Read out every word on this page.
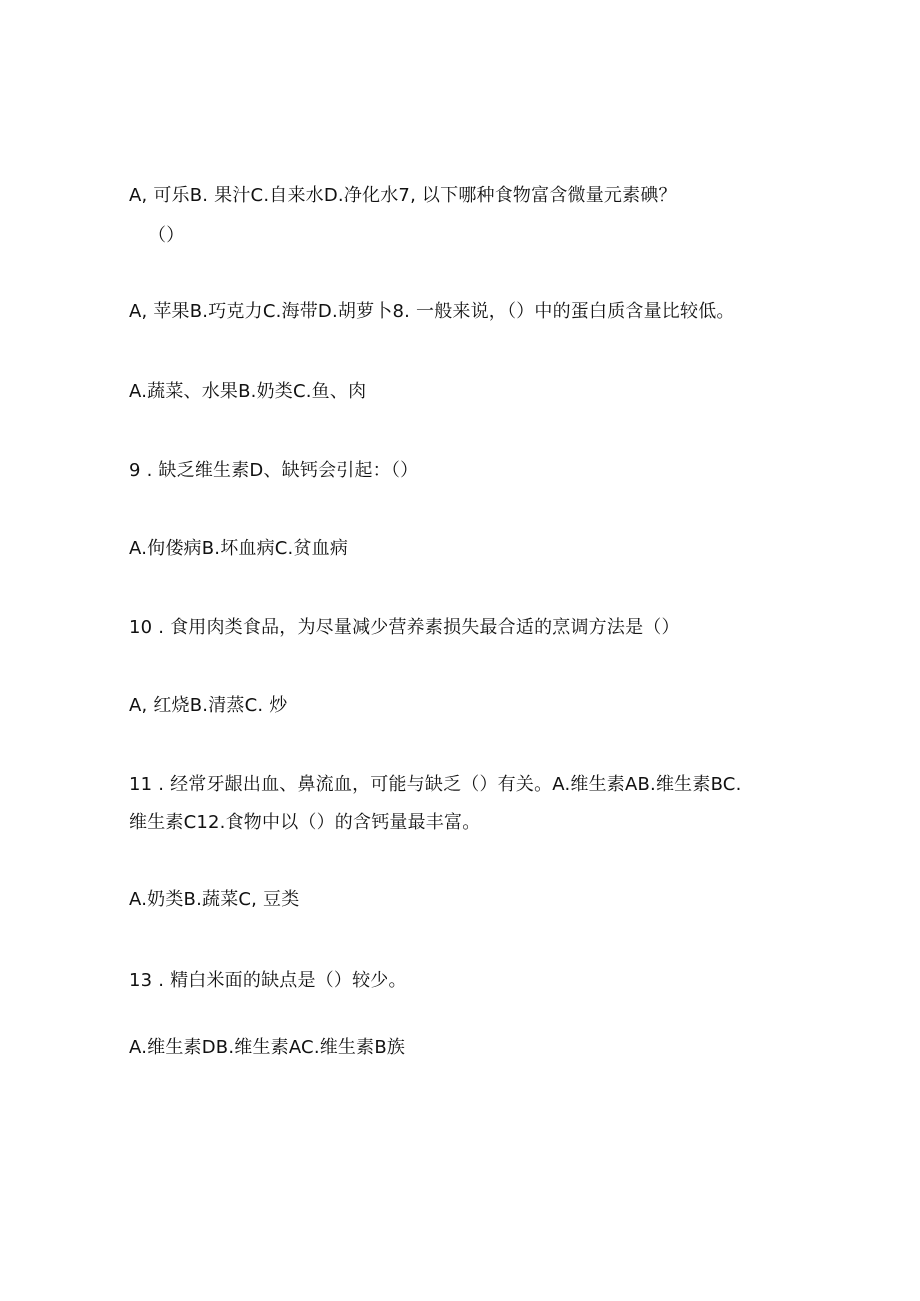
A, 可乐B. 果汁C.自来水D.净化水7, 以下哪种食物富含微量元素碘？
（）
A, 苹果B.巧克力C.海带D.胡萝卜8. 一般来说，（）中的蛋白质含量比较低。
A.蔬菜、水果B.奶类C.鱼、肉
9 . 缺乏维生素D、缺钙会引起：（）
A.佝偻病B.坏血病C.贫血病
10 . 食用肉类食品，为尽量减少营养素损失最合适的烹调方法是（）
A, 红烧B.清蒸C. 炒
11 . 经常牙龈出血、鼻流血，可能与缺乏（）有关。A.维生素AB.维生素BC.
维生素C12.食物中以（）的含钙量最丰富。
A.奶类B.蔬菜C, 豆类
13 . 精白米面的缺点是（）较少。
A.维生素DB.维生素AC.维生素B族
